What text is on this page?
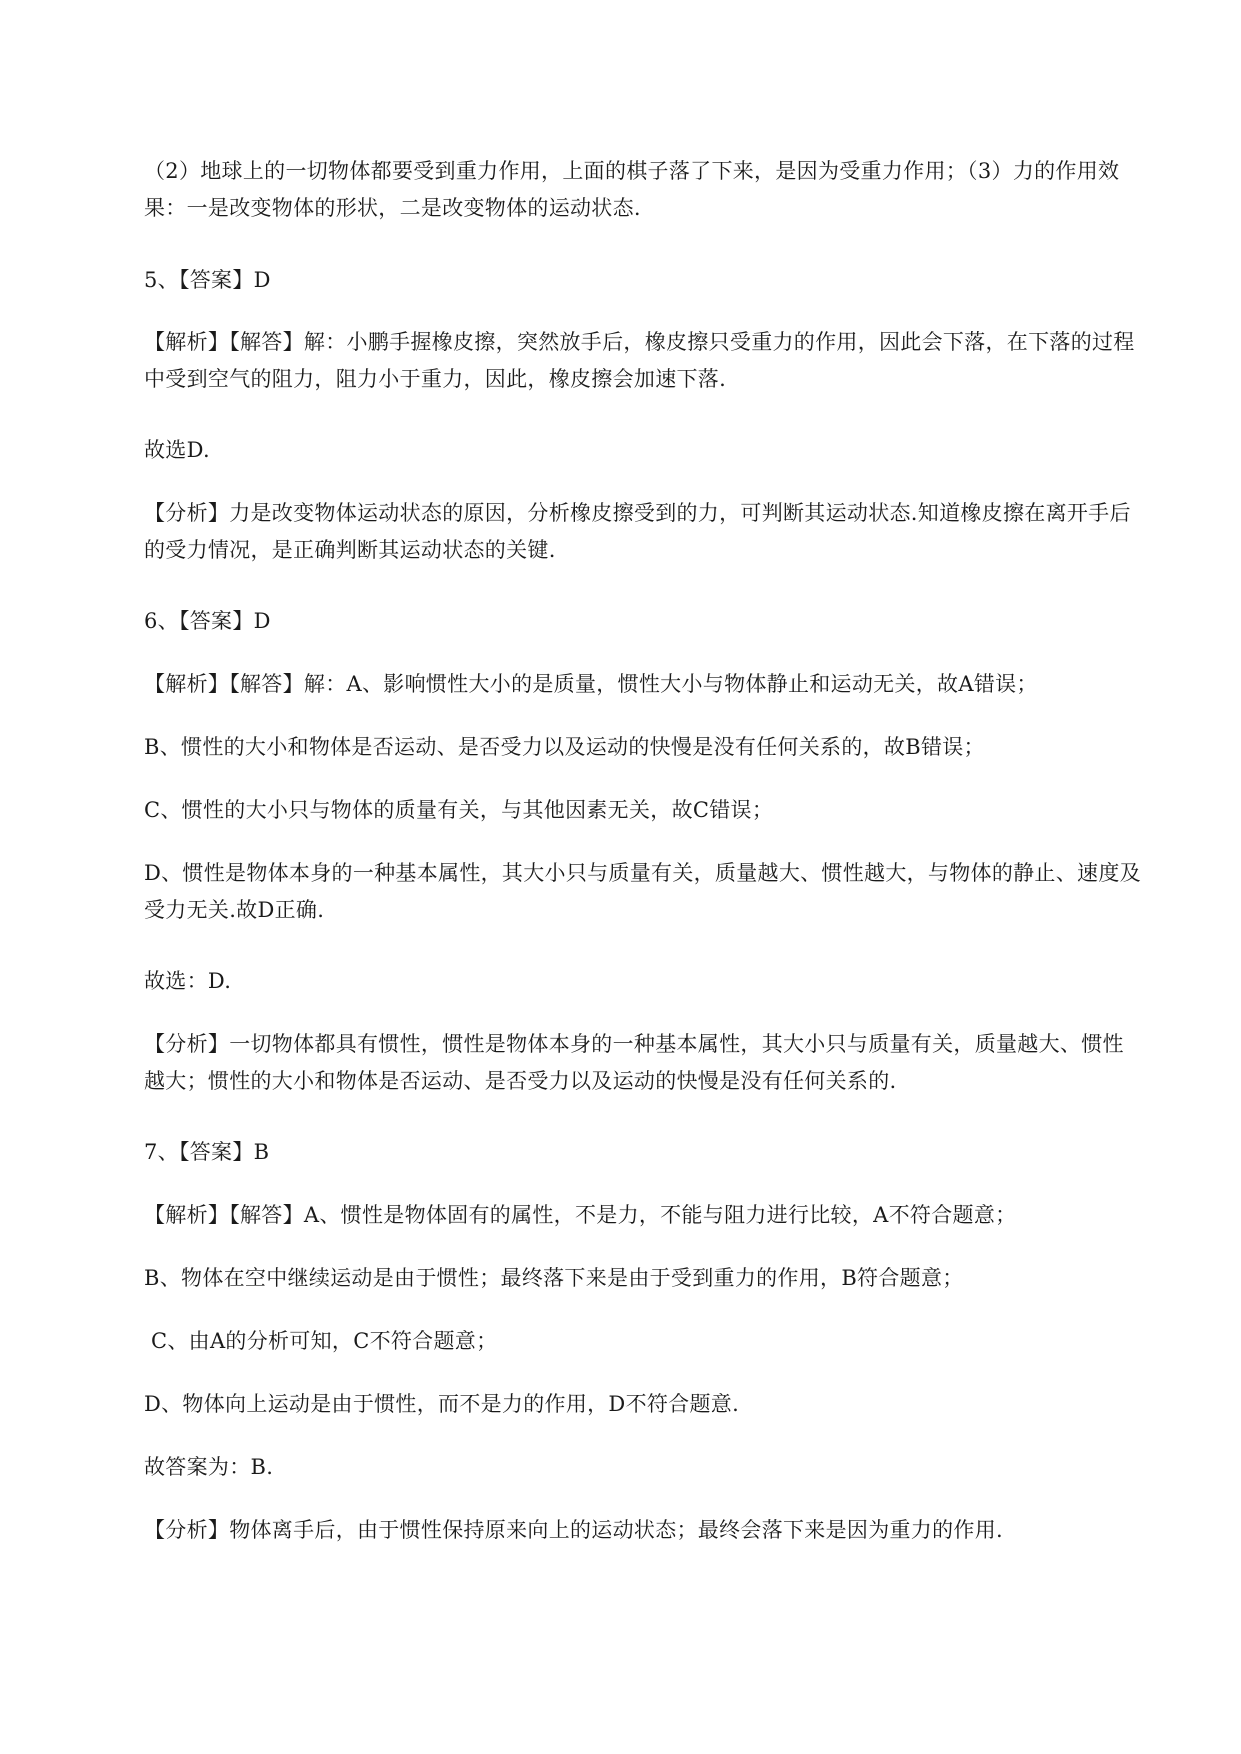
（2）地球上的一切物体都要受到重力作用，上面的棋子落了下来，是因为受重力作用；（3）力的作用效果：一是改变物体的形状，二是改变物体的运动状态.

5、【答案】D

【解析】【解答】解：小鹏手握橡皮擦，突然放手后，橡皮擦只受重力的作用，因此会下落，在下落的过程中受到空气的阻力，阻力小于重力，因此，橡皮擦会加速下落.

故选D.

【分析】力是改变物体运动状态的原因，分析橡皮擦受到的力，可判断其运动状态.知道橡皮擦在离开手后的受力情况，是正确判断其运动状态的关键.

6、【答案】D

【解析】【解答】解：A、影响惯性大小的是质量，惯性大小与物体静止和运动无关，故A错误；

B、惯性的大小和物体是否运动、是否受力以及运动的快慢是没有任何关系的，故B错误；

C、惯性的大小只与物体的质量有关，与其他因素无关，故C错误；

D、惯性是物体本身的一种基本属性，其大小只与质量有关，质量越大、惯性越大，与物体的静止、速度及受力无关.故D正确.

故选：D.

【分析】一切物体都具有惯性，惯性是物体本身的一种基本属性，其大小只与质量有关，质量越大、惯性越大；惯性的大小和物体是否运动、是否受力以及运动的快慢是没有任何关系的.

7、【答案】B

【解析】【解答】A、惯性是物体固有的属性，不是力，不能与阻力进行比较，A不符合题意；

B、物体在空中继续运动是由于惯性；最终落下来是由于受到重力的作用，B符合题意；

C、由A的分析可知，C不符合题意；

D、物体向上运动是由于惯性，而不是力的作用，D不符合题意.

故答案为：B.

【分析】物体离手后，由于惯性保持原来向上的运动状态；最终会落下来是因为重力的作用.
